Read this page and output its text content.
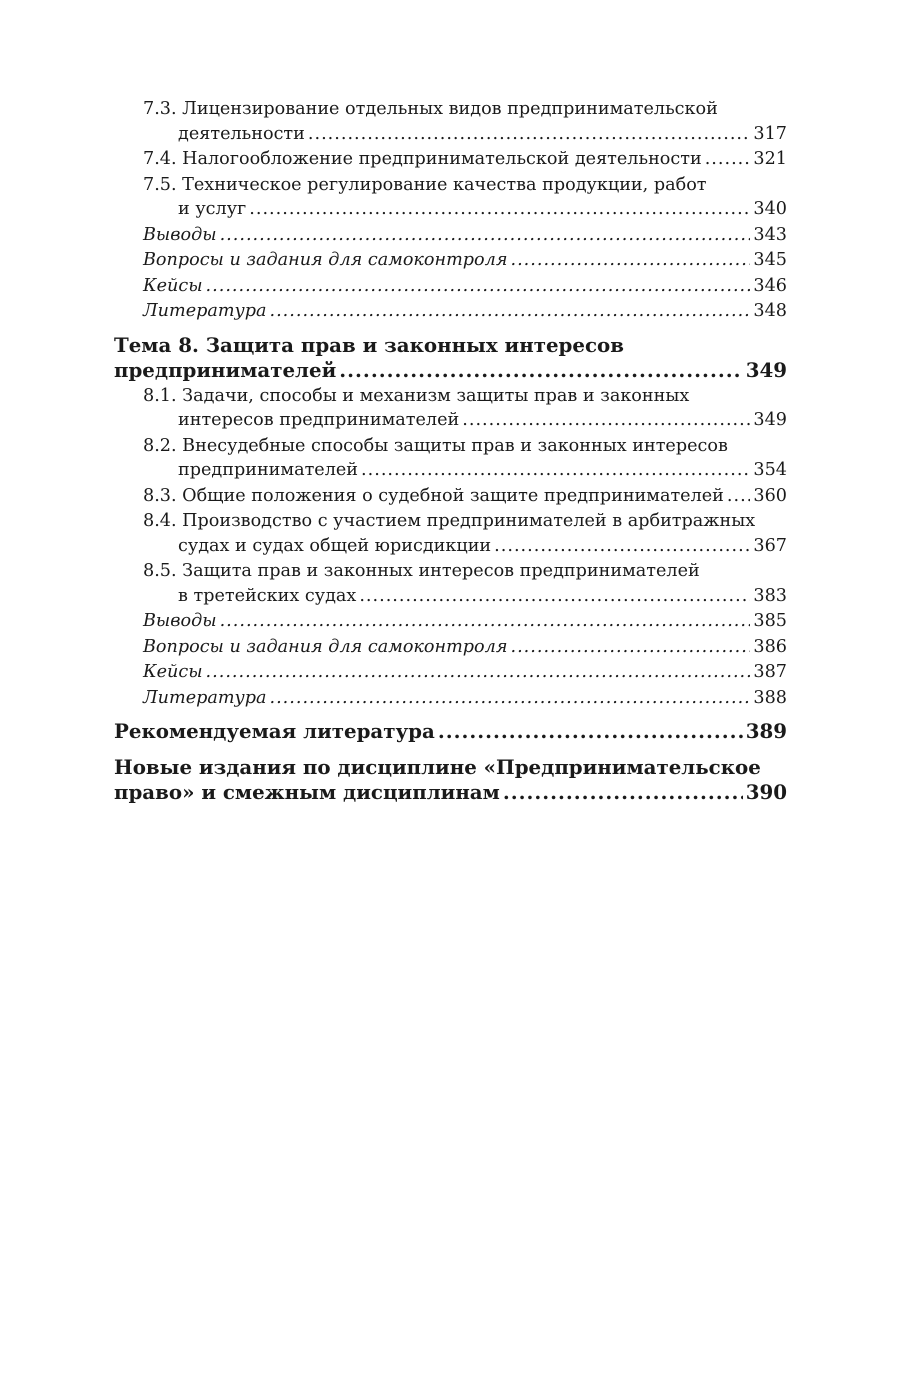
7.3. Лицензирование отдельных видов предпринимательской
деятельности .....	317
7.4. Налогообложение предпринимательской деятельности .....	321
7.5. Техническое регулирование качества продукции, работ
и услуг .....	340
Выводы .....	343
Вопросы и задания для самоконтроля .....	345
Кейсы .....	346
Литература .....	348
Тема 8. Защита прав и законных интересов
предпринимателей .....	349
8.1. Задачи, способы и механизм защиты прав и законных
интересов предпринимателей .....	349
8.2. Внесудебные способы защиты прав и законных интересов
предпринимателей .....	354
8.3. Общие положения о судебной защите предпринимателей ..... 360
8.4. Производство с участием предпринимателей в арбитражных
судах и судах общей юрисдикции .....	367
8.5. Защита прав и законных интересов предпринимателей
в третейских судах .....	383
Выводы .....	385
Вопросы и задания для самоконтроля .....	386
Кейсы .....	387
Литература .....	388
Рекомендуемая литература .....	389
Новые издания по дисциплине «Предпринимательское
право» и смежным дисциплинам .....	390
